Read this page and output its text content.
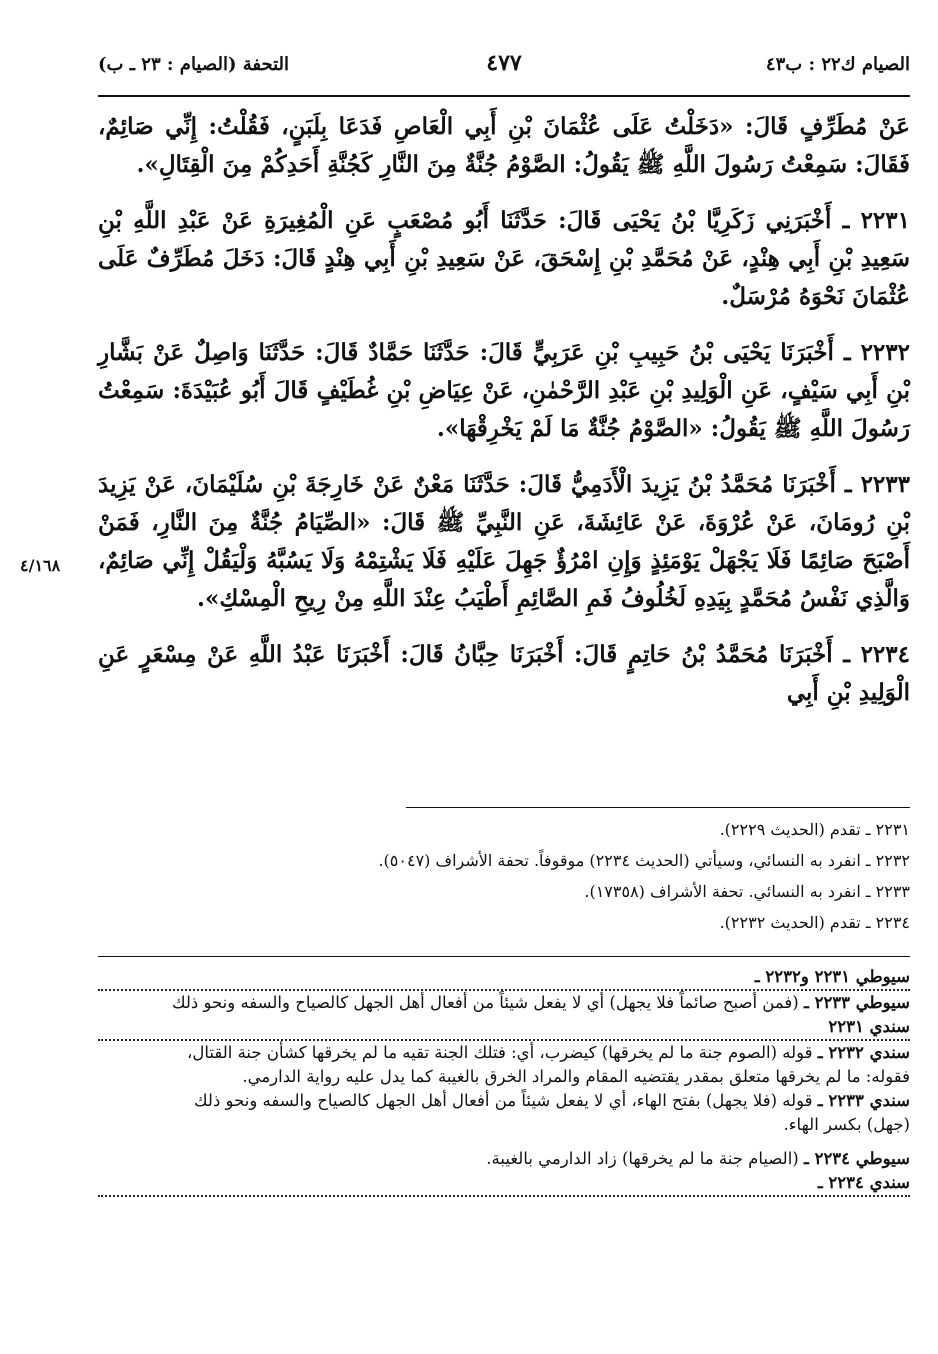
الصيام ك٢٢ : ب٤٣
٤٧٧
التحفة (الصيام : ٢٣ ـ ب)

عَنْ مُطَرِّفٍ قَالَ: «دَخَلْتُ عَلَى عُثْمَانَ بْنِ أَبِي الْعَاصِ فَدَعَا بِلَبَنٍ، فَقُلْتُ: إِنِّي صَائِمٌ، فَقَالَ: سَمِعْتُ رَسُولَ اللَّهِ ﷺ يَقُولُ: الصَّوْمُ جُنَّةٌ مِنَ النَّارِ كَجُنَّةِ أَحَدِكُمْ مِنَ الْقِتَالِ».

٢٢٣١ ـ أَخْبَرَنِي زَكَرِيَّا بْنُ يَحْيَى قَالَ: حَدَّثَنَا أَبُو مُصْعَبٍ عَنِ الْمُغِيرَةِ عَنْ عَبْدِ اللَّهِ بْنِ سَعِيدِ بْنِ أَبِي هِنْدٍ، عَنْ مُحَمَّدِ بْنِ إِسْحَقَ، عَنْ سَعِيدِ بْنِ أَبِي هِنْدٍ قَالَ: دَخَلَ مُطَرِّفٌ عَلَى عُثْمَانَ نَحْوَهُ مُرْسَلٌ.

٢٢٣٢ ـ أَخْبَرَنَا يَحْيَى بْنُ حَبِيبِ بْنِ عَرَبِيٍّ قَالَ: حَدَّثَنَا حَمَّادٌ قَالَ: حَدَّثَنَا وَاصِلٌ عَنْ بَشَّارِ بْنِ أَبِي سَيْفٍ، عَنِ الْوَلِيدِ بْنِ عَبْدِ الرَّحْمٰنِ، عَنْ عِيَاضِ بْنِ غُطَيْفٍ قَالَ أَبُو عُبَيْدَةَ: سَمِعْتُ رَسُولَ اللَّهِ ﷺ يَقُولُ: «الصَّوْمُ جُنَّةٌ مَا لَمْ يَخْرِقْهَا».

٢٢٣٣ ـ أَخْبَرَنَا مُحَمَّدُ بْنُ يَزِيدَ الْأَدَمِيُّ قَالَ: حَدَّثَنَا مَعْنٌ عَنْ خَارِجَةَ بْنِ سُلَيْمَانَ، عَنْ يَزِيدَ بْنِ رُومَانَ، عَنْ عُرْوَةَ، عَنْ عَائِشَةَ، عَنِ النَّبِيِّ ﷺ قَالَ: «الصِّيَامُ جُنَّةٌ مِنَ النَّارِ، فَمَنْ أَصْبَحَ صَائِمًا فَلَا يَجْهَلْ يَوْمَئِذٍ وَإِنِ امْرُؤٌ جَهِلَ عَلَيْهِ فَلَا يَشْتِمْهُ وَلَا يَسُبَّهُ وَلْيَقُلْ إِنِّي صَائِمٌ، وَالَّذِي نَفْسُ مُحَمَّدٍ بِيَدِهِ لَخُلُوفُ فَمِ الصَّائِمِ أَطْيَبُ عِنْدَ اللَّهِ مِنْ رِيحِ الْمِسْكِ».

٢٢٣٤ ـ أَخْبَرَنَا مُحَمَّدُ بْنُ حَاتِمٍ قَالَ: أَخْبَرَنَا حِبَّانُ قَالَ: أَخْبَرَنَا عَبْدُ اللَّهِ عَنْ مِسْعَرٍ عَنِ الْوَلِيدِ بْنِ أَبِي

٤/١٦٨

٢٢٣١ ـ تقدم (الحديث ٢٢٢٩).

٢٢٣٢ ـ انفرد به النسائي، وسيأتي (الحديث ٢٢٣٤) موقوفاً. تحفة الأشراف (٥٠٤٧).

٢٢٣٣ ـ انفرد به النسائي. تحفة الأشراف (١٧٣٥٨).

٢٢٣٤ ـ تقدم (الحديث ٢٢٣٢).

سيوطي ٢٢٣١ و٢٢٣٢ ـ

سيوطي ٢٢٣٣ ـ (فمن أصبح صائماً فلا يجهل) أي لا يفعل شيئاً من أفعال أهل الجهل كالصياح والسفه ونحو ذلك

سندي ٢٢٣١

سندي ٢٢٣٢ ـ قوله (الصوم جنة ما لم يخرقها) كيضرب، أي: فتلك الجنة تقيه ما لم يخرقها كشأن جنة القتال،

فقوله: ما لم يخرقها متعلق بمقدر يقتضيه المقام والمراد الخرق بالغيبة كما يدل عليه رواية الدارمي.

سندي ٢٢٣٣ ـ قوله (فلا يجهل) بفتح الهاء، أي لا يفعل شيئاً من أفعال أهل الجهل كالصياح والسفه ونحو ذلك

(جهل) بكسر الهاء.

سيوطي ٢٢٣٤ ـ (الصيام جنة ما لم يخرقها) زاد الدارمي بالغيبة.

سندي ٢٢٣٤ ـ
